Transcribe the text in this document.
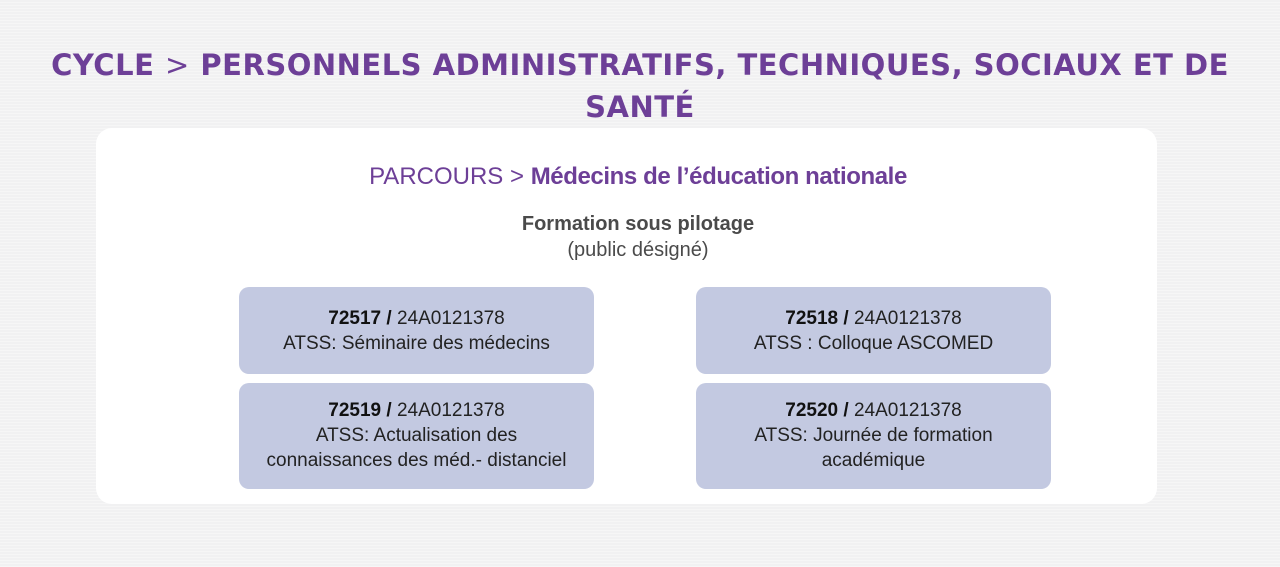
CYCLE > PERSONNELS ADMINISTRATIFS, TECHNIQUES, SOCIAUX ET DE
SANTÉ
PARCOURS > Médecins de l’éducation nationale
Formation sous pilotage
(public désigné)
72517 / 24A0121378
ATSS: Séminaire des médecins
72518 / 24A0121378
ATSS : Colloque ASCOMED
72519 / 24A0121378
ATSS: Actualisation des
connaissances des méd.- distanciel
72520 / 24A0121378
ATSS: Journée de formation
académique
